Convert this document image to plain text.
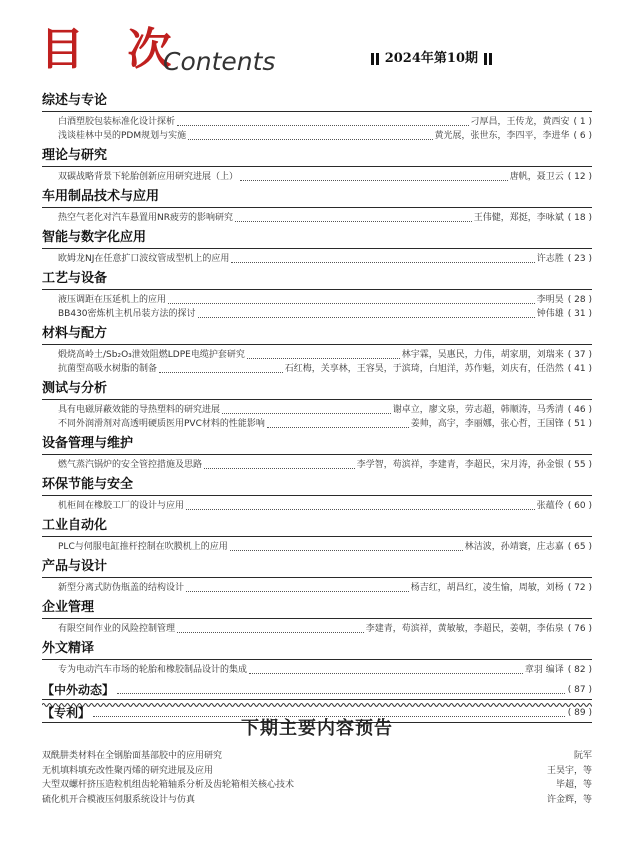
目 次
Contents	2024年第10期
综述与专论
白酒塑胶包装标准化设计探析	刁厚昌，王传龙，黄西安 ( 1 )
浅谈桂林中昊的PDM规划与实施	黄光展，张世东，李四平，李进华 ( 6 )
理论与研究
双碳战略背景下轮胎创新应用研究进展（上）	唐帆，聂卫云 ( 12 )
车用制品技术与应用
热空气老化对汽车悬置用NR疲劳的影响研究	王伟健，郑挺，李咏斌 ( 18 )
智能与数字化应用
欧姆龙NJ在任意扩口波纹管成型机上的应用	许志胜 ( 23 )
工艺与设备
液压调距在压延机上的应用	李明昊 ( 28 )
BB430密炼机主机吊装方法的探讨	钟伟雄 ( 31 )
材料与配方
煅烧高岭土/Sb₂O₃泄效阻燃LDPE电缆护套研究	林宇霖，吴惠民，力伟，胡家朋，刘瑞来 ( 37 )
抗菌型高吸水树脂的制备	石红梅，关享林，王容昊，于滨琦，白旭洋，苏作魁，刘庆有，任浩然 ( 41 )
测试与分析
具有电磁屏蔽效能的导热塑料的研究进展	谢卓立，廖文泉，劳志超，韩顺涛，马秀清 ( 46 )
不同外润滑剂对高透明硬质医用PVC材料的性能影响	姜帅，高宇，李丽娜，张心哲，王国锋 ( 51 )
设备管理与维护
燃气蒸汽锅炉的安全管控措施及思路	李学智，苟滨祥，李建青，李超民，宋月涛，孙金银 ( 55 )
环保节能与安全
机柜间在橡胶工厂的设计与应用	张蕴伶 ( 60 )
工业自动化
PLC与伺服电缸推杆控制在吹膜机上的应用	林洁波，孙靖寰，庄志嘉 ( 65 )
产品与设计
新型分离式防伪瓶盖的结构设计	杨吉红，胡昌红，凌生愉，周敏，刘杨 ( 72 )
企业管理
有限空间作业的风险控制管理	李建青，苟滨祥，黄敏敏，李超民，姜朝，李佑泉 ( 76 )
外文精译
专为电动汽车市场的轮胎和橡胶制品设计的集成	章羽 编译 ( 82 )
【中外动态】	( 87 )
【专利】	( 89 )
下期主要内容预告
双酰肼类材料在全钢胎面基部胶中的应用研究	阮军
无机填料填充改性聚丙烯的研究进展及应用	王昊宇，等
大型双螺杆挤压造粒机组齿轮箱轴系分析及齿轮箱相关核心技术	毕超，等
硫化机开合模液压伺服系统设计与仿真	许金辉，等
